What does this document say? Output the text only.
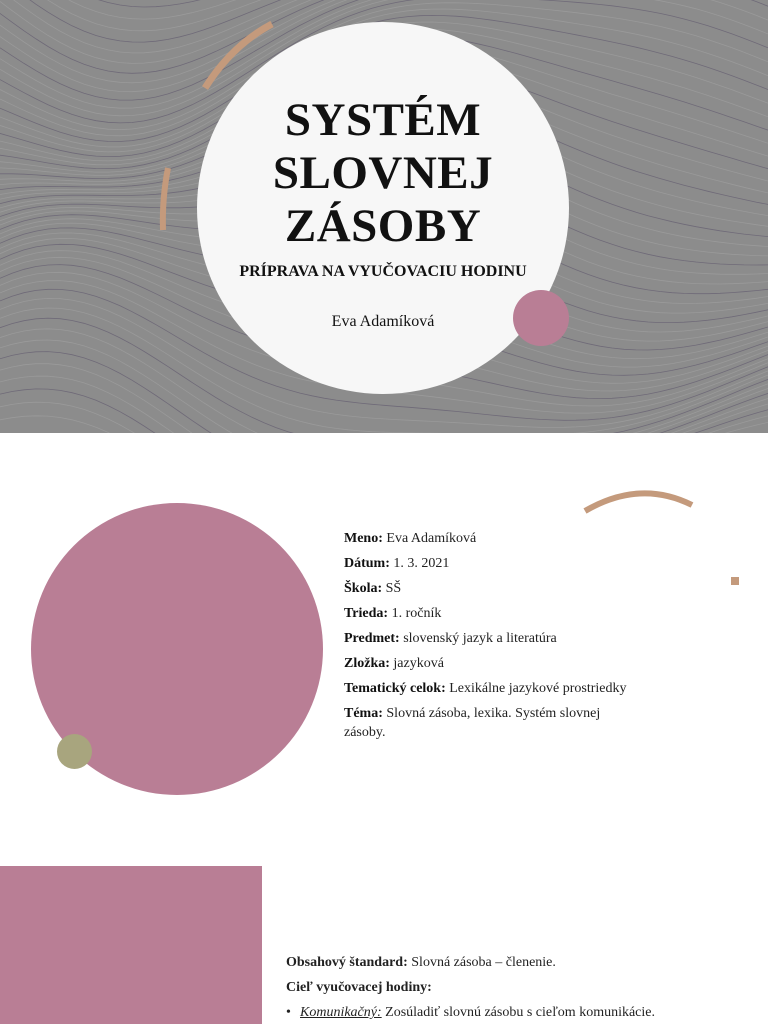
SYSTÉM
SLOVNEJ
ZÁSOBY
PRÍPRAVA NA VYUČOVACIU HODINU
Eva Adamíková
Meno: Eva Adamíková
Dátum: 1. 3. 2021
Škola: SŠ
Trieda: 1. ročník
Predmet: slovenský jazyk a literatúra
Zložka: jazyková
Tematický celok: Lexikálne jazykové prostriedky
Téma: Slovná zásoba, lexika. Systém slovnej zásoby.
Obsahový štandard: Slovná zásoba – členenie.
Cieľ vyučovacej hodiny:
• Komunikačný: Zosúladiť slovnú zásobu s cieľom komunikácie.
